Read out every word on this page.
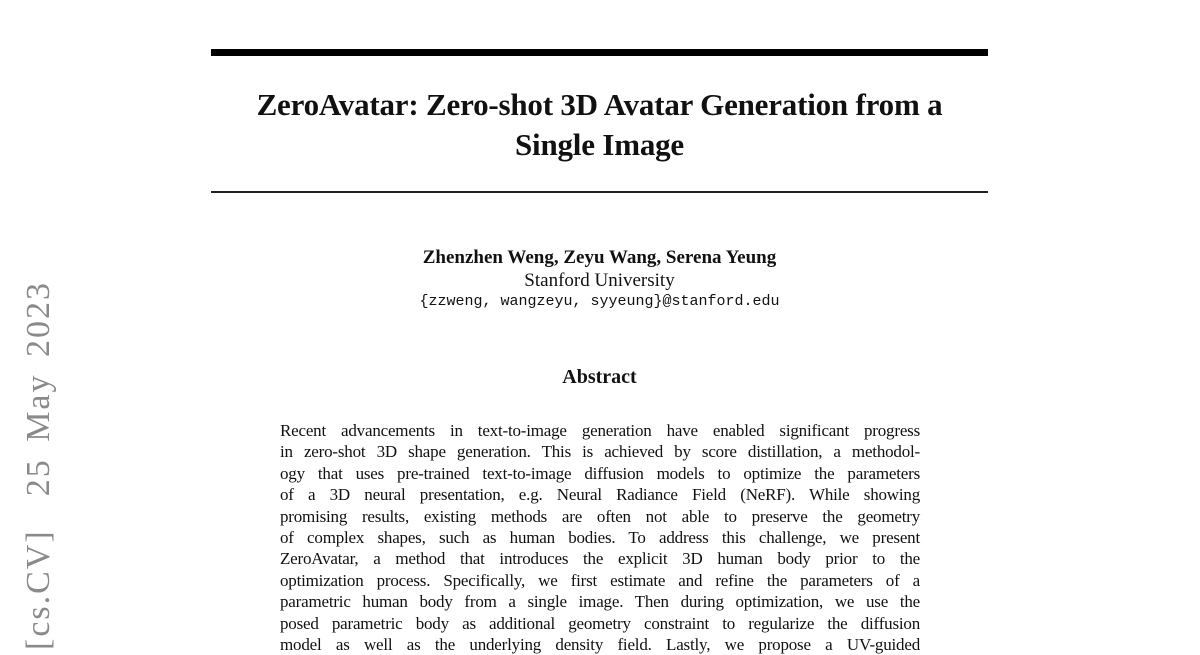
[cs.CV]  25 May 2023
ZeroAvatar: Zero-shot 3D Avatar Generation from a
Single Image
Zhenzhen Weng, Zeyu Wang, Serena Yeung
Stanford University
{zzweng, wangzeyu, syyeung}@stanford.edu
Abstract
Recent advancements in text-to-image generation have enabled significant progress
in zero-shot 3D shape generation. This is achieved by score distillation, a methodol-
ogy that uses pre-trained text-to-image diffusion models to optimize the parameters
of a 3D neural presentation, e.g. Neural Radiance Field (NeRF). While showing
promising results, existing methods are often not able to preserve the geometry
of complex shapes, such as human bodies. To address this challenge, we present
ZeroAvatar, a method that introduces the explicit 3D human body prior to the
optimization process. Specifically, we first estimate and refine the parameters of a
parametric human body from a single image. Then during optimization, we use the
posed parametric body as additional geometry constraint to regularize the diffusion
model as well as the underlying density field. Lastly, we propose a UV-guided
